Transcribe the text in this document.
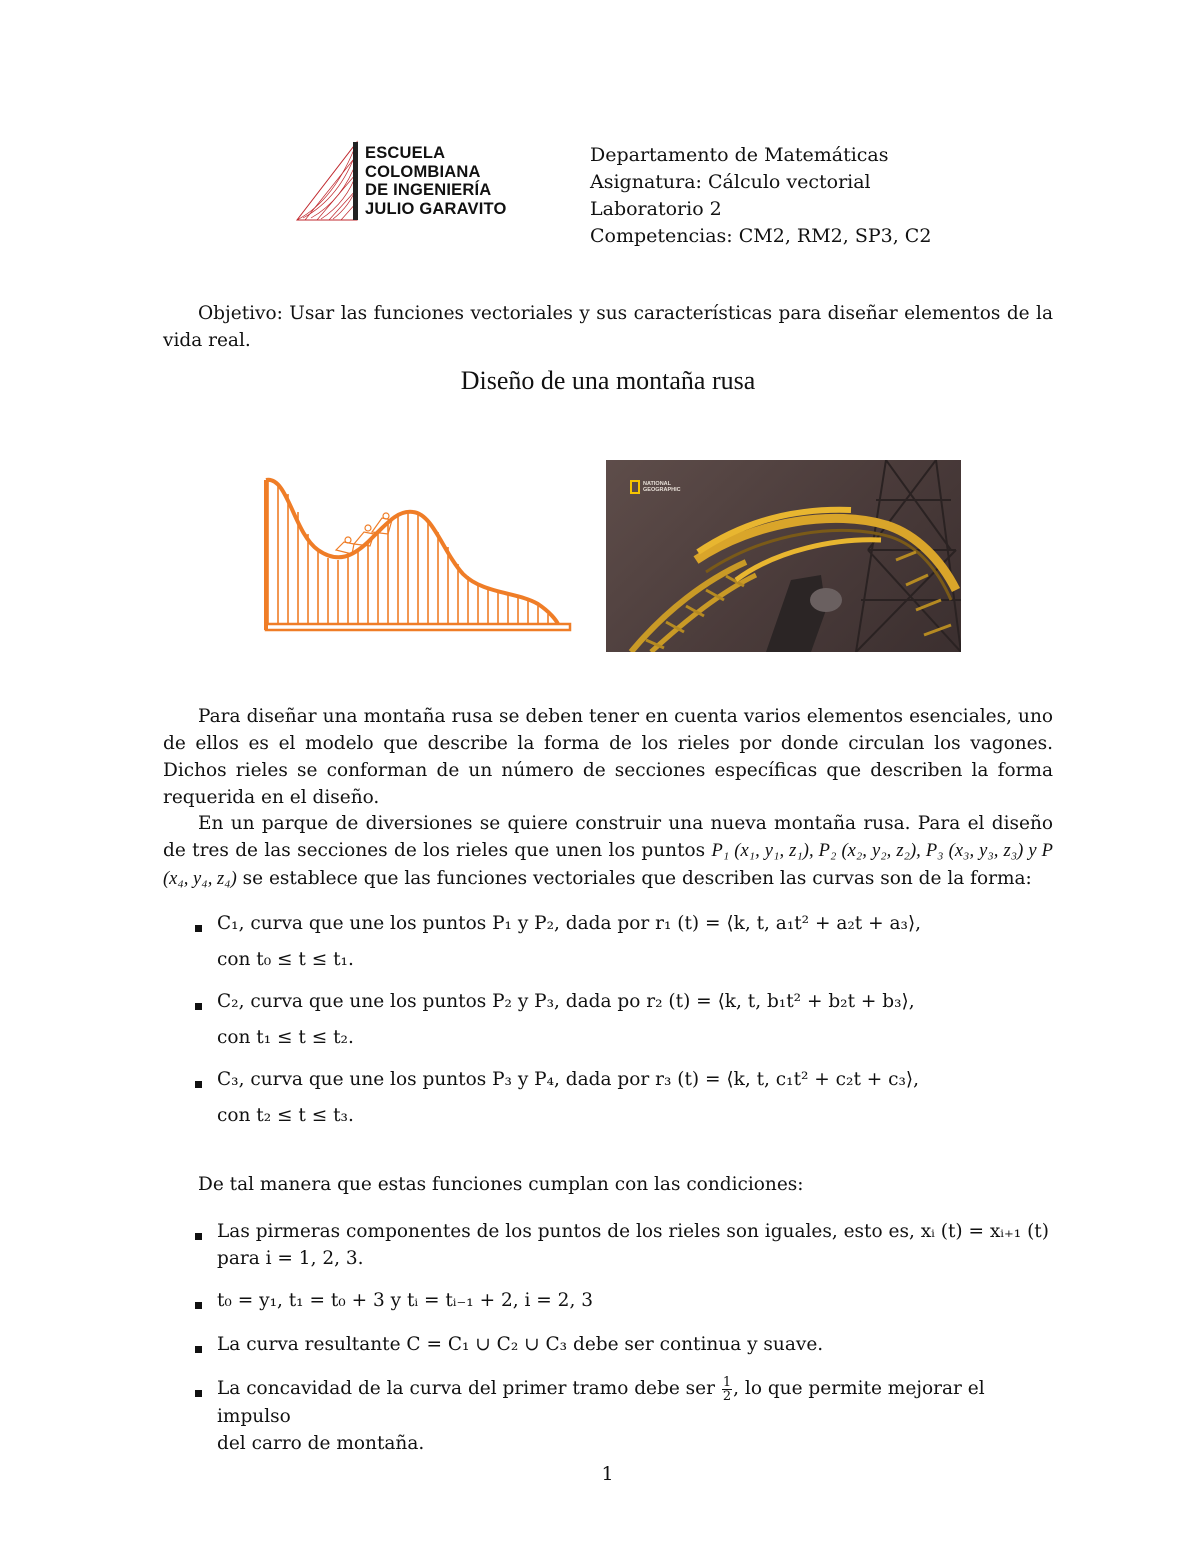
ESCUELA
COLOMBIANA
DE INGENIERÍA
JULIO GARAVITO
Departamento de Matemáticas
Asignatura: Cálculo vectorial
Laboratorio 2
Competencias: CM2, RM2, SP3, C2
Objetivo: Usar las funciones vectoriales y sus características para diseñar elementos de la vida real.
Diseño de una montaña rusa
NATIONAL
GEOGRAPHIC
Para diseñar una montaña rusa se deben tener en cuenta varios elementos esenciales, uno de ellos es el modelo que describe la forma de los rieles por donde circulan los vagones. Dichos rieles se conforman de un número de secciones específicas que describen la forma requerida en el diseño.
En un parque de diversiones se quiere construir una nueva montaña rusa. Para el diseño de tres de las secciones de los rieles que unen los puntos P₁ (x₁, y₁, z₁), P₂ (x₂, y₂, z₂), P₃ (x₃, y₃, z₃) y P (x₄, y₄, z₄) se establece que las funciones vectoriales que describen las curvas son de la forma:
C₁, curva que une los puntos P₁ y P₂, dada por r₁ (t) = ⟨k, t, a₁t² + a₂t + a₃⟩,
con t₀ ≤ t ≤ t₁.
C₂, curva que une los puntos P₂ y P₃, dada po r₂ (t) = ⟨k, t, b₁t² + b₂t + b₃⟩,
con t₁ ≤ t ≤ t₂.
C₃, curva que une los puntos P₃ y P₄, dada por r₃ (t) = ⟨k, t, c₁t² + c₂t + c₃⟩,
con t₂ ≤ t ≤ t₃.
De tal manera que estas funciones cumplan con las condiciones:
Las pirmeras componentes de los puntos de los rieles son iguales, esto es, xᵢ (t) = xᵢ₊₁ (t)
para i = 1, 2, 3.
t₀ = y₁, t₁ = t₀ + 3 y tᵢ = tᵢ₋₁ + 2, i = 2, 3
La curva resultante C = C₁ ∪ C₂ ∪ C₃ debe ser continua y suave.
La concavidad de la curva del primer tramo debe ser $\frac{1}{2}$ , lo que permite mejorar el impulso
del carro de montaña.
1
